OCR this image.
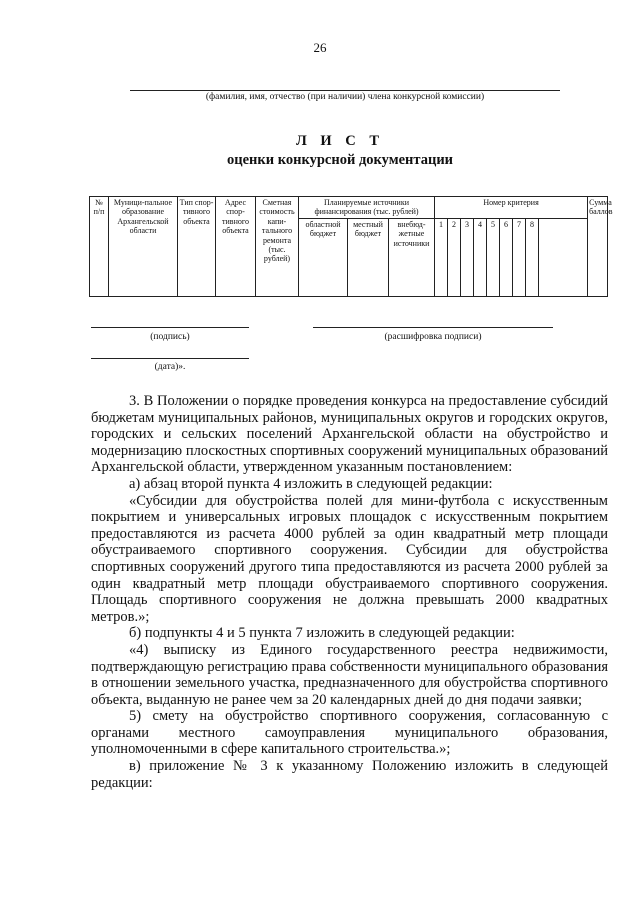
26
(фамилия, имя, отчество (при наличии) члена конкурсной комиссии)
Л И С Т
оценки конкурсной документации
№ п/п	Муници-пальное образование Архангельской области	Тип спор-тивного объекта	Адрес спор-тивного объекта	Сметная стоимость капи-тального ремонта (тыс. рублей)	Планируемые источники финансирования (тыс. рублей)			Номер критерия									Сумма баллов
					областной бюджет	местный бюджет	внебюд-жетные источники	1	2	3	4	5	6	7	8		
(подпись)	(расшифровка подписи)
(дата)».

3. В Положении о порядке проведения конкурса на предоставление субсидий бюджетам муниципальных районов, муниципальных округов и городских округов, городских и сельских поселений Архангельской области на обустройство и модернизацию плоскостных спортивных сооружений муниципальных образований Архангельской области, утвержденном указанным постановлением:

а) абзац второй пункта 4 изложить в следующей редакции:

«Субсидии для обустройства полей для мини-футбола с искусственным покрытием и универсальных игровых площадок с искусственным покрытием предоставляются из расчета 4000 рублей за один квадратный метр площади обустраиваемого спортивного сооружения. Субсидии для обустройства спортивных сооружений другого типа предоставляются из расчета 2000 рублей за один квадратный метр площади обустраиваемого спортивного сооружения. Площадь спортивного сооружения не должна превышать 2000 квадратных метров.»;

б) подпункты 4 и 5 пункта 7 изложить в следующей редакции:

«4) выписку из Единого государственного реестра недвижимости, подтверждающую регистрацию права собственности муниципального образования в отношении земельного участка, предназначенного для обустройства спортивного объекта, выданную не ранее чем за 20 календарных дней до дня подачи заявки;

5) смету на обустройство спортивного сооружения, согласованную с органами местного самоуправления муниципального образования, уполномоченными в сфере капитального строительства.»;

в) приложение № 3 к указанному Положению изложить в следующей редакции:
